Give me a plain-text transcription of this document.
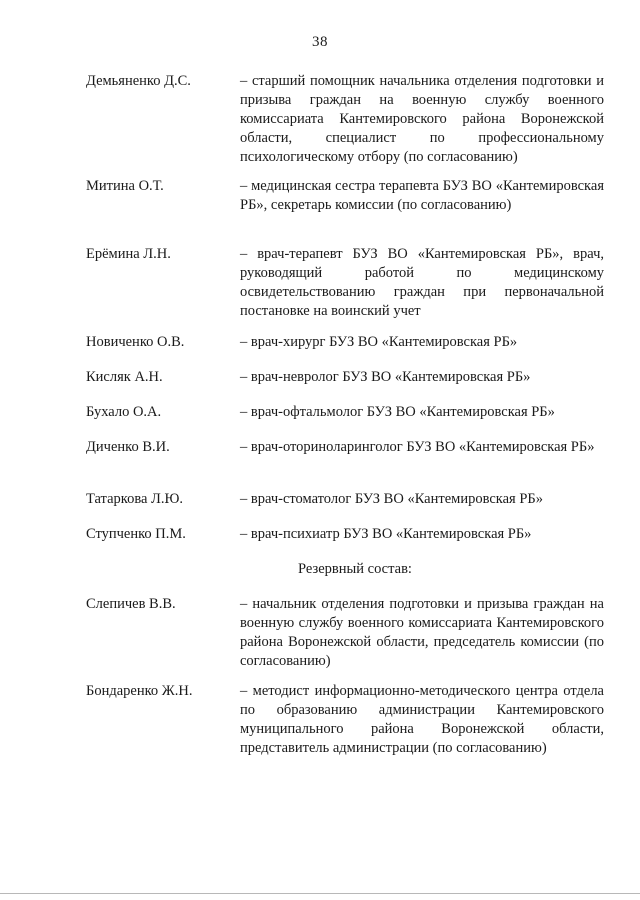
38
Демьяненко Д.С.	– старший помощник начальника отделения подготовки и призыва граждан на военную службу военного комиссариата Кантемировского района Воронежской области, специалист по профессиональному психологическому отбору (по согласованию)
Митина О.Т.	– медицинская сестра терапевта БУЗ ВО «Кантемировская РБ», секретарь комиссии (по согласованию)
Ерёмина Л.Н.	– врач-терапевт БУЗ ВО «Кантемировская РБ», врач, руководящий работой по медицинскому освидетельствованию граждан при первоначальной постановке на воинский учет
Новиченко О.В.	– врач-хирург БУЗ ВО «Кантемировская РБ»
Кисляк А.Н.	– врач-невролог БУЗ ВО «Кантемировская РБ»
Бухало О.А.	– врач-офтальмолог БУЗ ВО «Кантемировская РБ»
Диченко В.И.	– врач-оториноларинголог БУЗ ВО «Кантемировская РБ»
Татаркова Л.Ю.	– врач-стоматолог БУЗ ВО «Кантемировская РБ»
Ступченко П.М.	– врач-психиатр БУЗ ВО «Кантемировская РБ»
Резервный состав:
Слепичев В.В.	– начальник отделения подготовки и призыва граждан на военную службу военного комиссариата Кантемировского района Воронежской области, председатель комиссии (по согласованию)
Бондаренко Ж.Н.	– методист информационно-методического центра отдела по образованию администрации Кантемировского муниципального района Воронежской области, представитель администрации (по согласованию)
